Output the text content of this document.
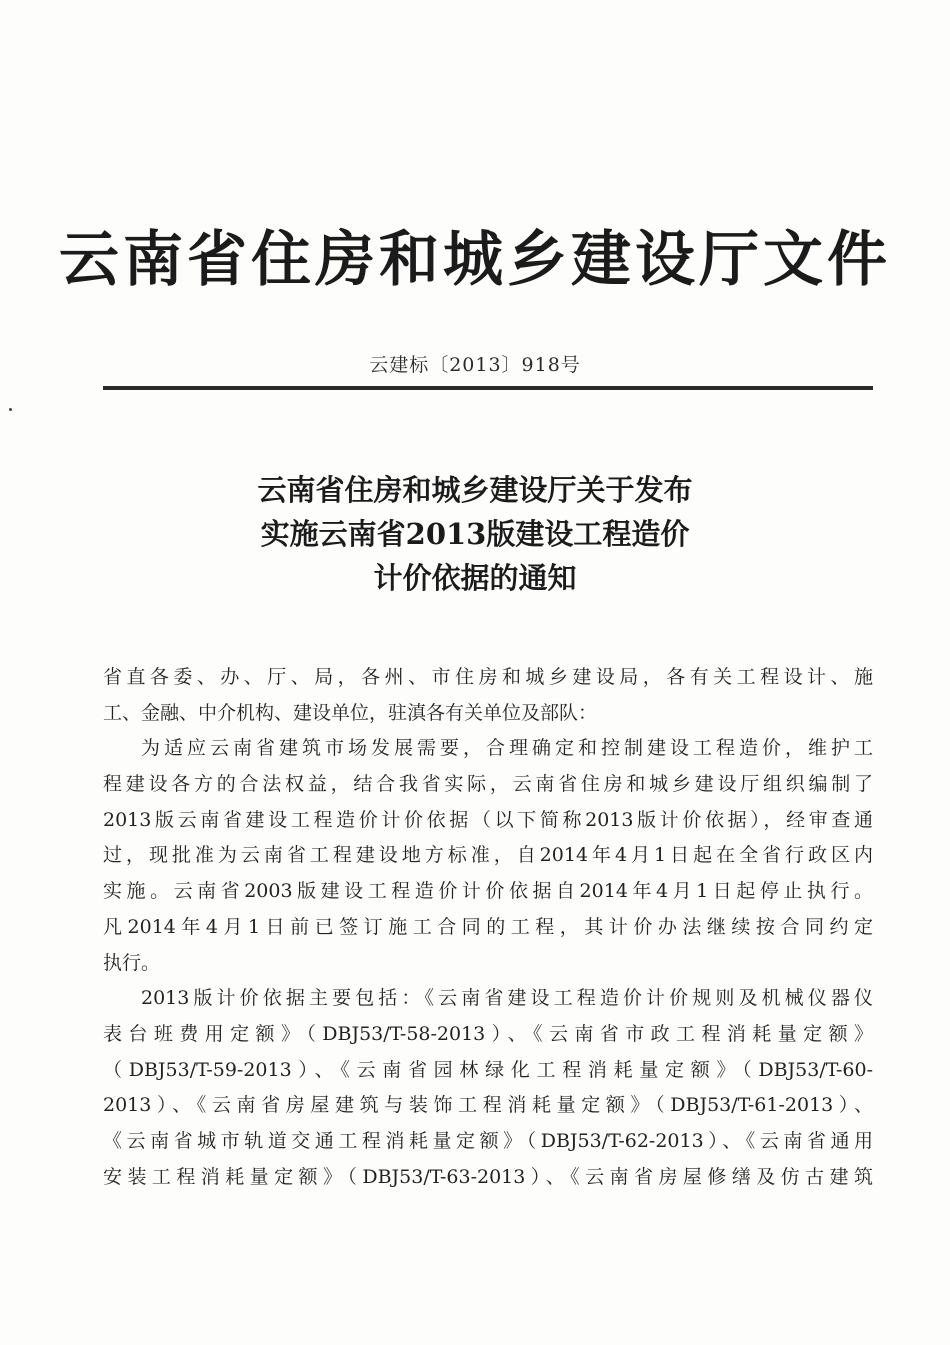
云南省住房和城乡建设厅文件
云建标〔2013〕918号
云南省住房和城乡建设厅关于发布
实施云南省2013版建设工程造价
计价依据的通知
省直各委、办、厅、局，各州、市住房和城乡建设局，各有关工程设计、施
工、金融、中介机构、建设单位，驻滇各有关单位及部队：
为适应云南省建筑市场发展需要，合理确定和控制建设工程造价，维护工
程建设各方的合法权益，结合我省实际，云南省住房和城乡建设厅组织编制了
2013版云南省建设工程造价计价依据（以下简称2013版计价依据），经审查通
过，现批准为云南省工程建设地方标准，自2014年4月1日起在全省行政区内
实施。云南省2003版建设工程造价计价依据自2014年4月1日起停止执行。
凡2014年4月1日前已签订施工合同的工程，其计价办法继续按合同约定
执行。
2013版计价依据主要包括：《云南省建设工程造价计价规则及机械仪器仪
表台班费用定额》（DBJ53/T-58-2013）、《云南省市政工程消耗量定额》
（DBJ53/T-59-2013）、《云南省园林绿化工程消耗量定额》（DBJ53/T-60-
2013）、《云南省房屋建筑与装饰工程消耗量定额》（DBJ53/T-61-2013）、
《云南省城市轨道交通工程消耗量定额》（DBJ53/T-62-2013）、《云南省通用
安装工程消耗量定额》（DBJ53/T-63-2013）、《云南省房屋修缮及仿古建筑
